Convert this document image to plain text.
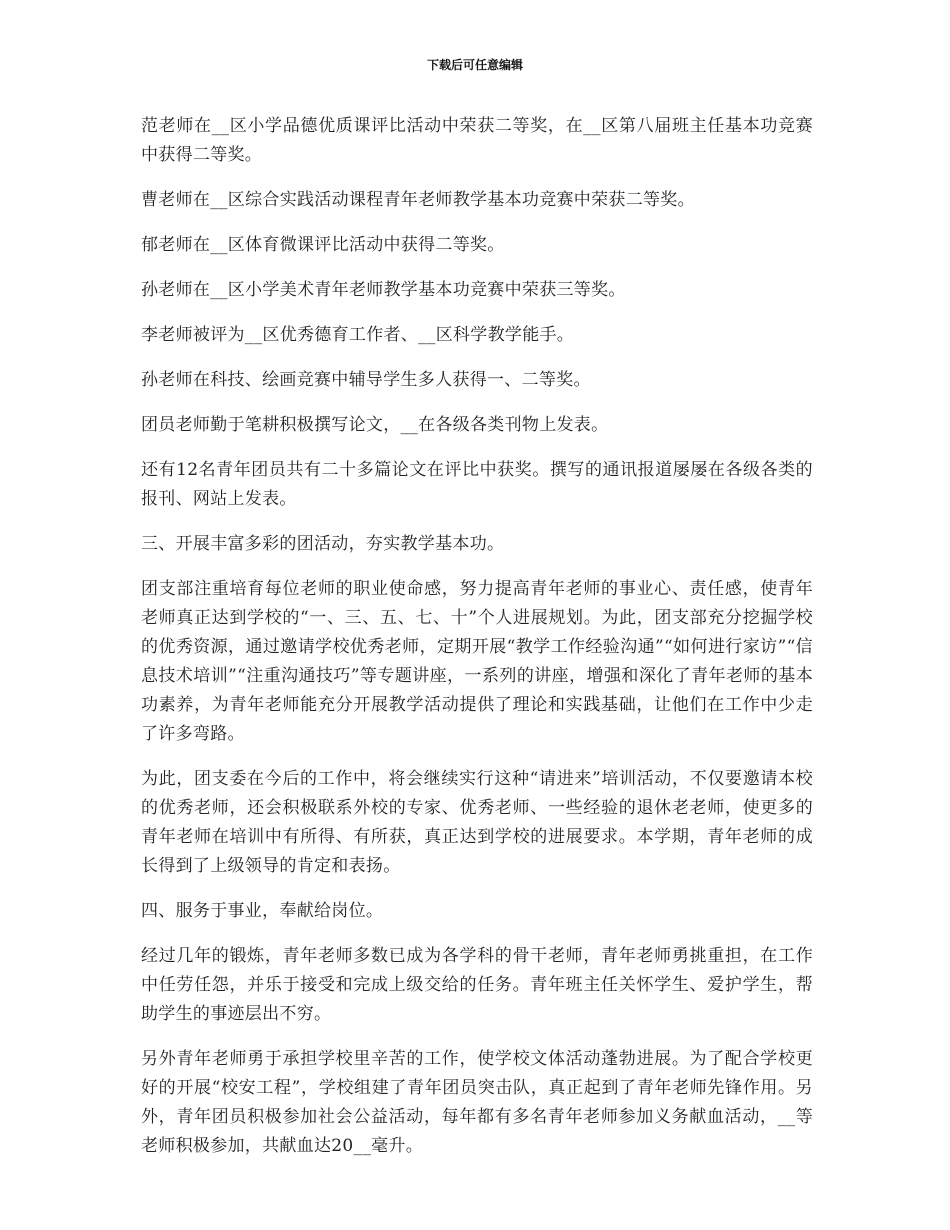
下载后可任意编辑

范老师在__区小学品德优质课评比活动中荣获二等奖，在__区第八届班主任基本功竞赛中获得二等奖。

曹老师在__区综合实践活动课程青年老师教学基本功竞赛中荣获二等奖。

郁老师在__区体育微课评比活动中获得二等奖。

孙老师在__区小学美术青年老师教学基本功竞赛中荣获三等奖。

李老师被评为__区优秀德育工作者、__区科学教学能手。

孙老师在科技、绘画竞赛中辅导学生多人获得一、二等奖。

团员老师勤于笔耕积极撰写论文，__在各级各类刊物上发表。

还有12名青年团员共有二十多篇论文在评比中获奖。撰写的通讯报道屡屡在各级各类的报刊、网站上发表。

三、开展丰富多彩的团活动，夯实教学基本功。

团支部注重培育每位老师的职业使命感，努力提高青年老师的事业心、责任感，使青年老师真正达到学校的“一、三、五、七、十”个人进展规划。为此，团支部充分挖掘学校的优秀资源，通过邀请学校优秀老师，定期开展“教学工作经验沟通”“如何进行家访”“信息技术培训”“注重沟通技巧”等专题讲座，一系列的讲座，增强和深化了青年老师的基本功素养，为青年老师能充分开展教学活动提供了理论和实践基础，让他们在工作中少走了许多弯路。

为此，团支委在今后的工作中，将会继续实行这种“请进来”培训活动，不仅要邀请本校的优秀老师，还会积极联系外校的专家、优秀老师、一些经验的退休老老师，使更多的青年老师在培训中有所得、有所获，真正达到学校的进展要求。本学期，青年老师的成长得到了上级领导的肯定和表扬。

四、服务于事业，奉献给岗位。

经过几年的锻炼，青年老师多数已成为各学科的骨干老师，青年老师勇挑重担，在工作中任劳任怨，并乐于接受和完成上级交给的任务。青年班主任关怀学生、爱护学生，帮助学生的事迹层出不穷。

另外青年老师勇于承担学校里辛苦的工作，使学校文体活动蓬勃进展。为了配合学校更好的开展“校安工程”，学校组建了青年团员突击队，真正起到了青年老师先锋作用。另外，青年团员积极参加社会公益活动，每年都有多名青年老师参加义务献血活动，__等老师积极参加，共献血达20__毫升。
